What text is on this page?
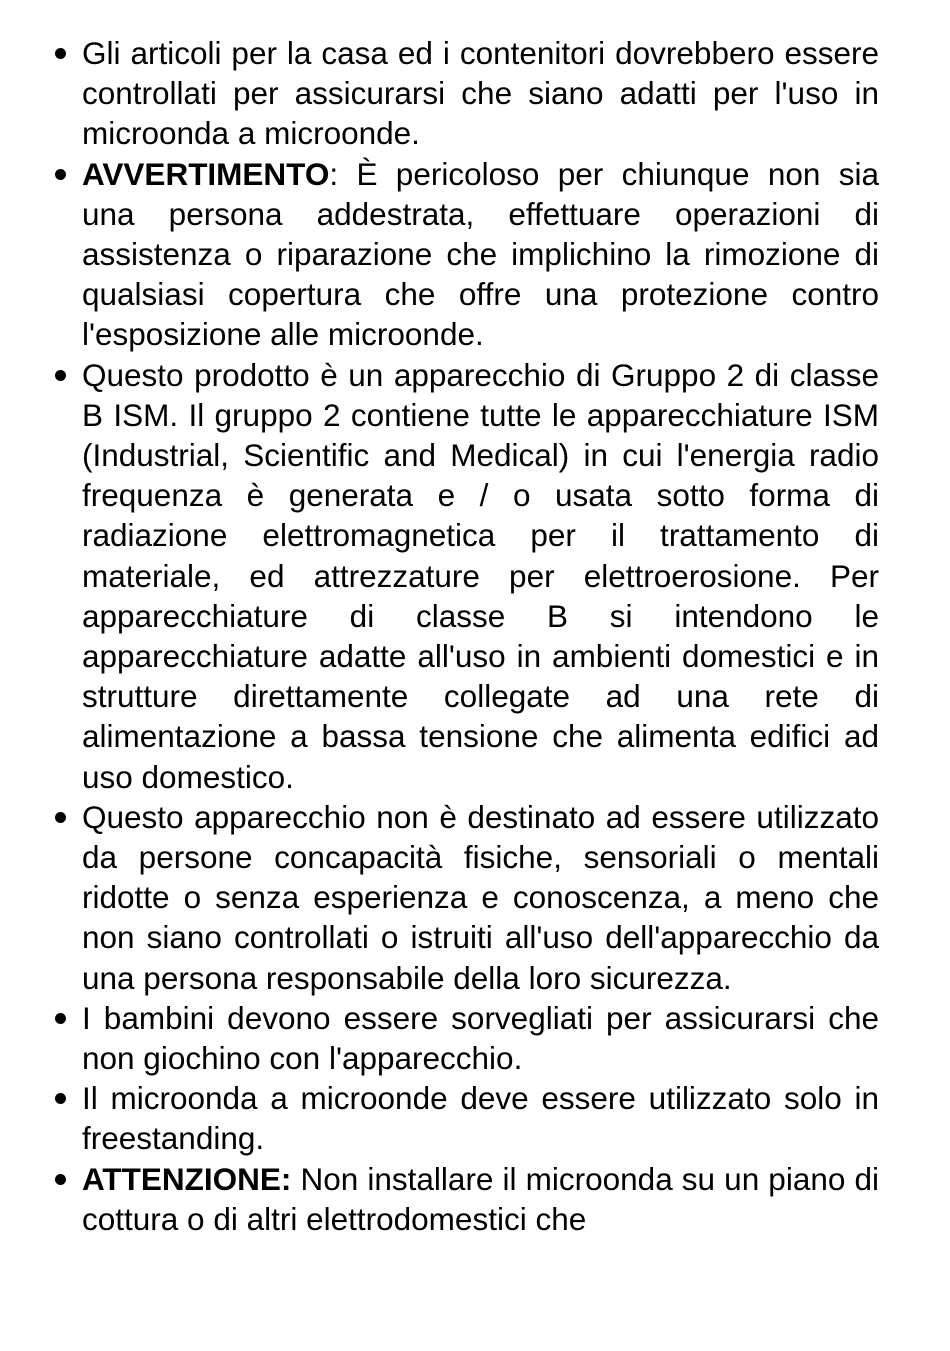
Gli articoli per la casa ed i contenitori dovrebbero essere controllati per assicurarsi che siano adatti per l'uso in microonda a microonde.
AVVERTIMENTO: È pericoloso per chiunque non sia una persona addestrata, effettuare operazioni di assistenza o riparazione che implichino la rimozione di qualsiasi copertura che offre una protezione contro l'esposizione alle microonde.
Questo prodotto è un apparecchio di Gruppo 2 di classe B ISM. Il gruppo 2 contiene tutte le apparecchiature ISM (Industrial, Scientific and Medical) in cui l'energia radio frequenza è generata e / o usata sotto forma di radiazione elettromagnetica per il trattamento di materiale, ed attrezzature per elettroerosione. Per apparecchiature di classe B si intendono le apparecchiature adatte all'uso in ambienti domestici e in strutture direttamente collegate ad una rete di alimentazione a bassa tensione che alimenta edifici ad uso domestico.
Questo apparecchio non è destinato ad essere utilizzato da persone concapacità fisiche, sensoriali o mentali ridotte o senza esperienza e conoscenza, a meno che non siano controllati o istruiti all'uso dell'apparecchio da una persona responsabile della loro sicurezza.
I bambini devono essere sorvegliati per assicurarsi che non giochino con l'apparecchio.
Il microonda a microonde deve essere utilizzato solo in freestanding.
ATTENZIONE: Non installare il microonda su un piano di cottura o di altri elettrodomestici che
